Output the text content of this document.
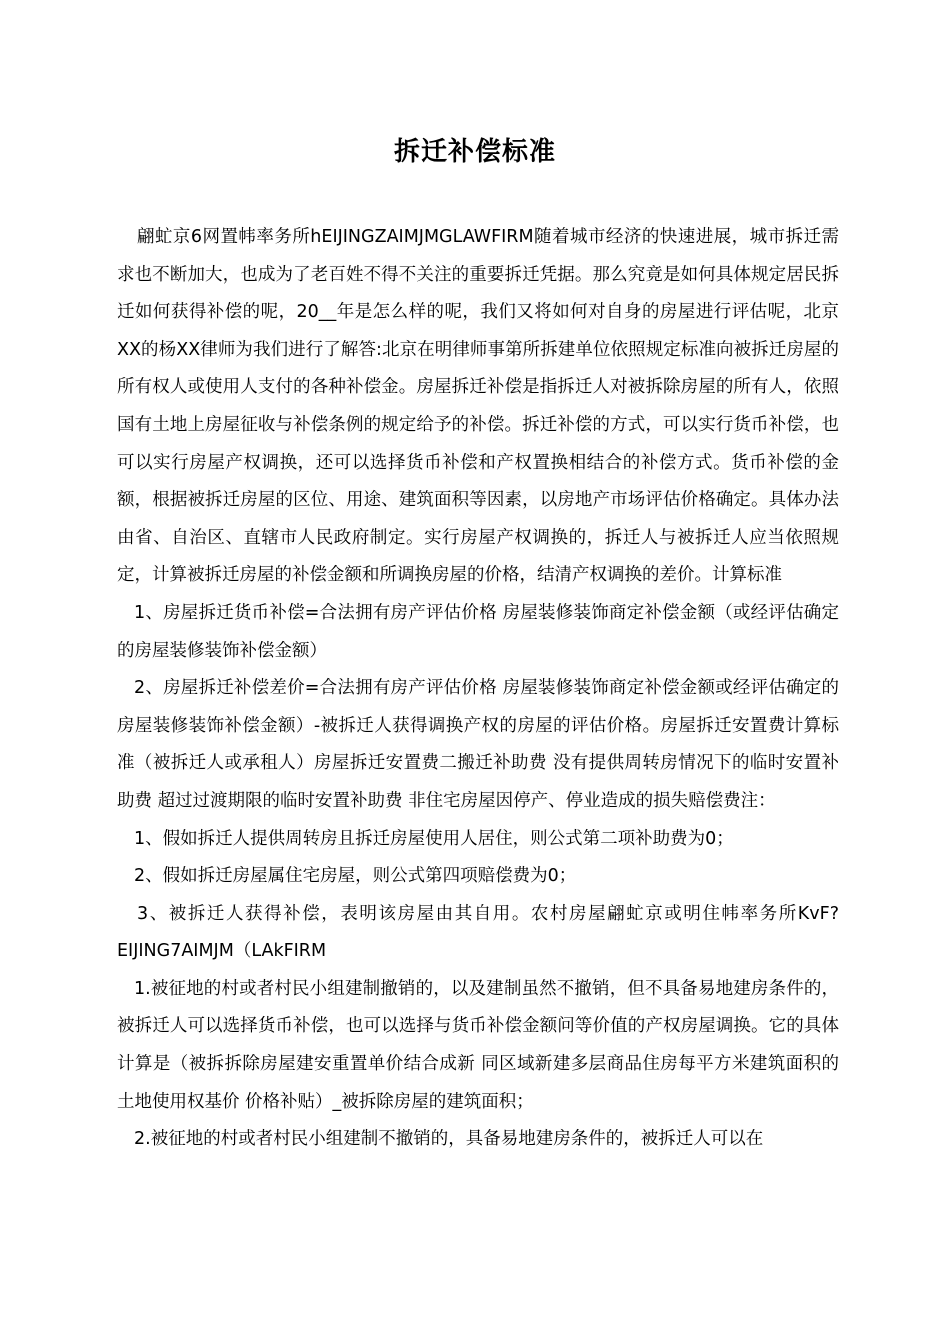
拆迁补偿标准

翩虻京6网置帏率务所hEIJINGZAIMJMGLAWFIRM随着城市经济的快速进展，城市拆迁需求也不断加大，也成为了老百姓不得不关注的重要拆迁凭据。那么究竟是如何具体规定居民拆迁如何获得补偿的呢，20__年是怎么样的呢，我们又将如何对自身的房屋进行评估呢，北京XX的杨XX律师为我们进行了解答:北京在明律师事第所拆建单位依照规定标准向被拆迁房屋的所有权人或使用人支付的各种补偿金。房屋拆迁补偿是指拆迁人对被拆除房屋的所有人，依照国有土地上房屋征收与补偿条例的规定给予的补偿。拆迁补偿的方式，可以实行货币补偿，也可以实行房屋产权调换，还可以选择货币补偿和产权置换相结合的补偿方式。货币补偿的金额，根据被拆迁房屋的区位、用途、建筑面积等因素，以房地产市场评估价格确定。具体办法由省、自治区、直辖市人民政府制定。实行房屋产权调换的，拆迁人与被拆迁人应当依照规定，计算被拆迁房屋的补偿金额和所调换房屋的价格，结清产权调换的差价。计算标准

1、房屋拆迁货币补偿=合法拥有房产评估价格 房屋装修装饰商定补偿金额（或经评估确定的房屋装修装饰补偿金额）

2、房屋拆迁补偿差价=合法拥有房产评估价格 房屋装修装饰商定补偿金额或经评估确定的房屋装修装饰补偿金额）-被拆迁人获得调换产权的房屋的评估价格。房屋拆迁安置费计算标准（被拆迁人或承租人）房屋拆迁安置费二搬迁补助费 没有提供周转房情况下的临时安置补助费 超过过渡期限的临时安置补助费 非住宅房屋因停产、停业造成的损失赔偿费注：

1、假如拆迁人提供周转房且拆迁房屋使用人居住，则公式第二项补助费为0；

2、假如拆迁房屋属住宅房屋，则公式第四项赔偿费为0；

3、被拆迁人获得补偿，表明该房屋由其自用。农村房屋翩虻京或明住帏率务所KvF?EIJING7AIMJM（LAkFIRM

1.被征地的村或者村民小组建制撤销的，以及建制虽然不撤销，但不具备易地建房条件的，被拆迁人可以选择货币补偿，也可以选择与货币补偿金额问等价值的产权房屋调换。它的具体计算是（被拆拆除房屋建安重置单价结合成新 同区域新建多层商品住房每平方米建筑面积的土地使用权基价 价格补贴）_被拆除房屋的建筑面积；

2.被征地的村或者村民小组建制不撤销的，具备易地建房条件的，被拆迁人可以在
